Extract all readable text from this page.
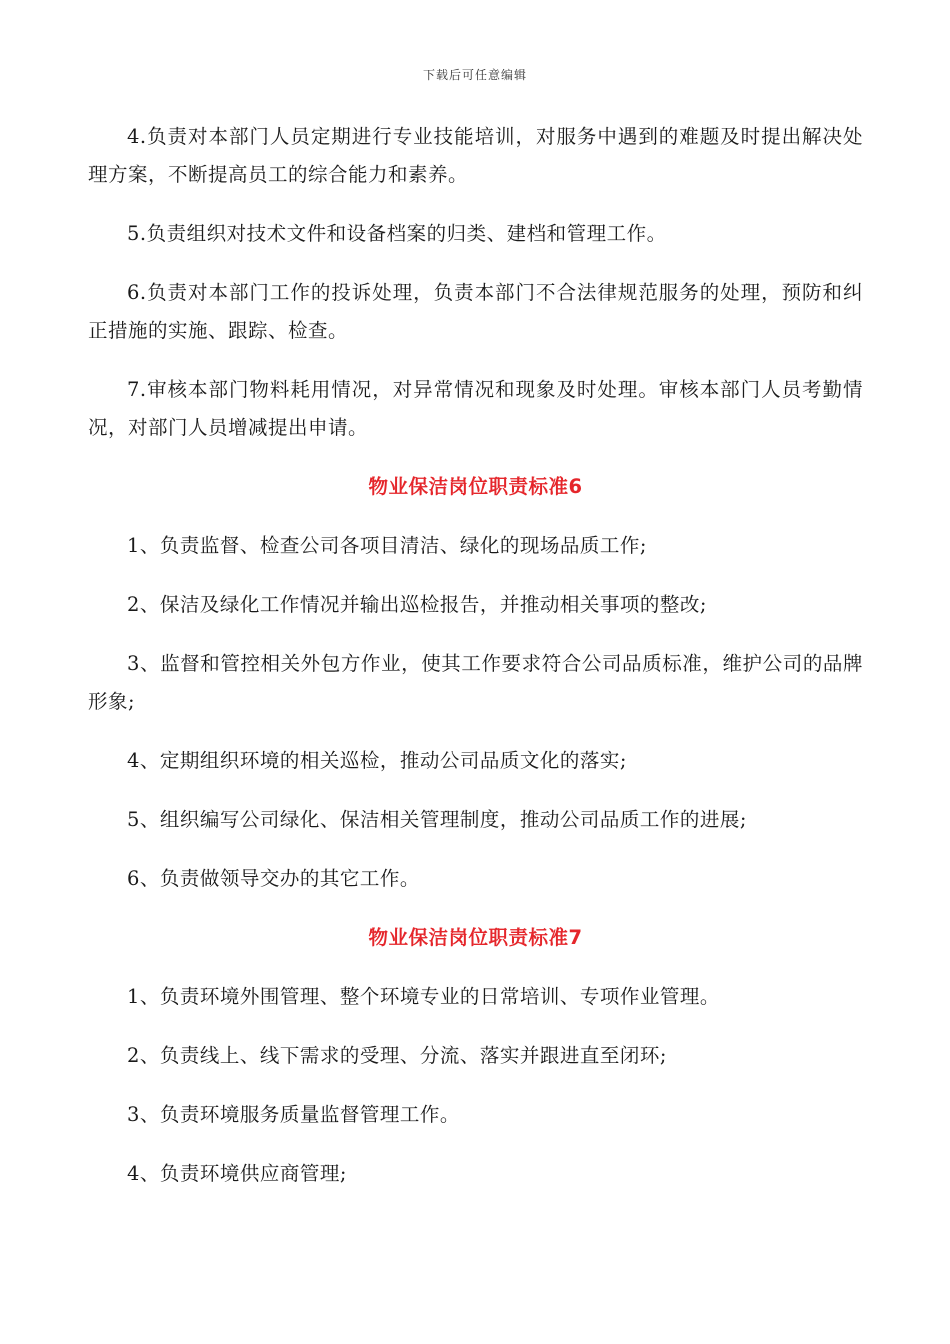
下载后可任意编辑

4.负责对本部门人员定期进行专业技能培训，对服务中遇到的难题及时提出解决处理方案，不断提高员工的综合能力和素养。

5.负责组织对技术文件和设备档案的归类、建档和管理工作。

6.负责对本部门工作的投诉处理，负责本部门不合法律规范服务的处理，预防和纠正措施的实施、跟踪、检查。

7.审核本部门物料耗用情况，对异常情况和现象及时处理。审核本部门人员考勤情况，对部门人员增减提出申请。

物业保洁岗位职责标准6

1、负责监督、检查公司各项目清洁、绿化的现场品质工作;

2、保洁及绿化工作情况并输出巡检报告，并推动相关事项的整改;

3、监督和管控相关外包方作业，使其工作要求符合公司品质标准，维护公司的品牌形象;

4、定期组织环境的相关巡检，推动公司品质文化的落实;

5、组织编写公司绿化、保洁相关管理制度，推动公司品质工作的进展;

6、负责做领导交办的其它工作。

物业保洁岗位职责标准7

1、负责环境外围管理、整个环境专业的日常培训、专项作业管理。

2、负责线上、线下需求的受理、分流、落实并跟进直至闭环;

3、负责环境服务质量监督管理工作。

4、负责环境供应商管理;
